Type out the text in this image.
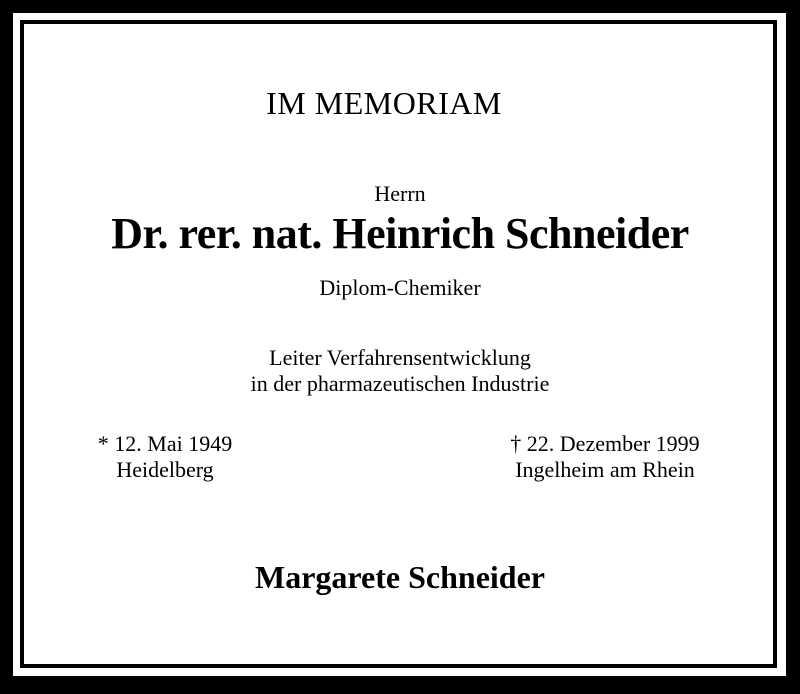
IM MEMORIAM
Herrn
Dr. rer. nat. Heinrich Schneider
Diplom-Chemiker
Leiter Verfahrensentwicklung
in der pharmazeutischen Industrie
* 12. Mai 1949
Heidelberg
† 22. Dezember 1999
Ingelheim am Rhein
Margarete Schneider
